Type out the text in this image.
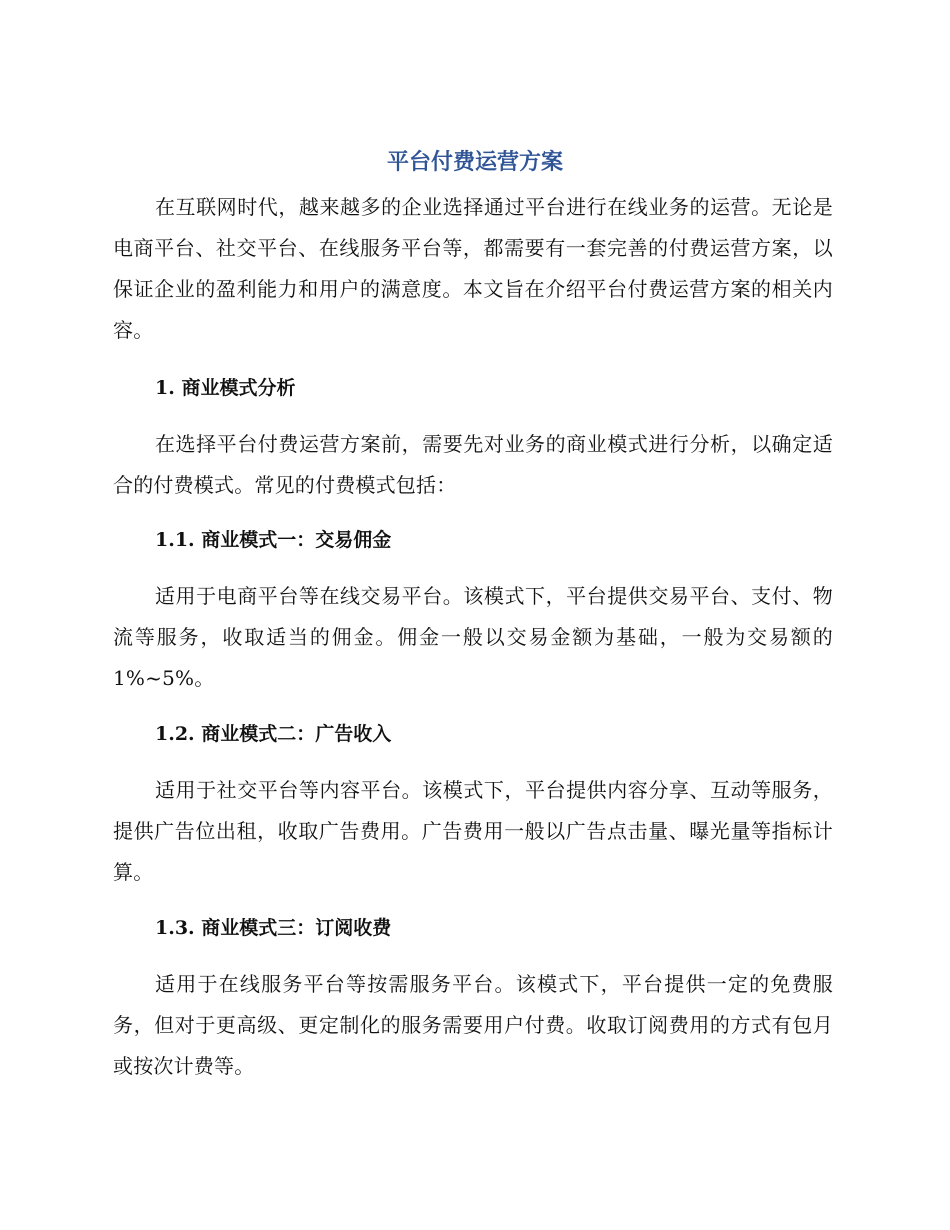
平台付费运营方案

在互联网时代，越来越多的企业选择通过平台进行在线业务的运营。无论是电商平台、社交平台、在线服务平台等，都需要有一套完善的付费运营方案，以保证企业的盈利能力和用户的满意度。本文旨在介绍平台付费运营方案的相关内容。

1. 商业模式分析

在选择平台付费运营方案前，需要先对业务的商业模式进行分析，以确定适合的付费模式。常见的付费模式包括：

1.1. 商业模式一：交易佣金

适用于电商平台等在线交易平台。该模式下，平台提供交易平台、支付、物流等服务，收取适当的佣金。佣金一般以交易金额为基础，一般为交易额的 1%~5%。

1.2. 商业模式二：广告收入

适用于社交平台等内容平台。该模式下，平台提供内容分享、互动等服务，提供广告位出租，收取广告费用。广告费用一般以广告点击量、曝光量等指标计算。

1.3. 商业模式三：订阅收费

适用于在线服务平台等按需服务平台。该模式下，平台提供一定的免费服务，但对于更高级、更定制化的服务需要用户付费。收取订阅费用的方式有包月或按次计费等。
